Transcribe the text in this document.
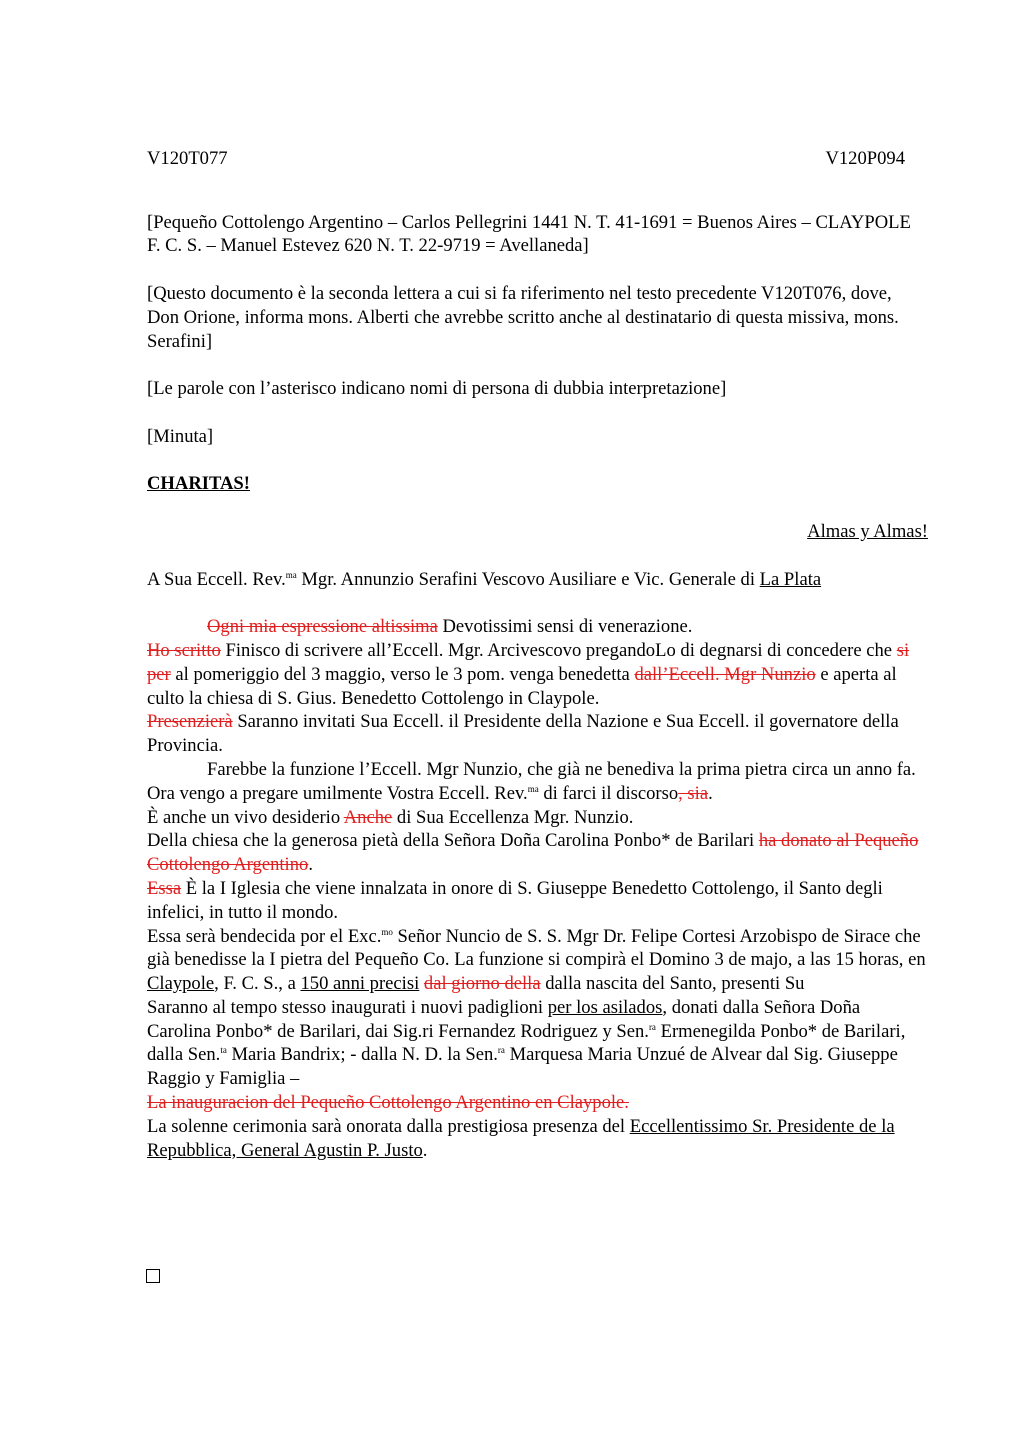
V120T077	V120P094

[Pequeño Cottolengo Argentino – Carlos Pellegrini 1441 N. T. 41-1691 = Buenos Aires – CLAYPOLE F. C. S. – Manuel Estevez 620 N. T. 22-9719 = Avellaneda]

[Questo documento è la seconda lettera a cui si fa riferimento nel testo precedente V120T076, dove, Don Orione, informa mons. Alberti che avrebbe scritto anche al destinatario di questa missiva, mons. Serafini]

[Le parole con l’asterisco indicano nomi di persona di dubbia interpretazione]

[Minuta]

CHARITAS!

Almas y Almas!

A Sua Eccell. Rev.$^{ma}$ Mgr. Annunzio Serafini Vescovo Ausiliare e Vic. Generale di La Plata

Ogni mia espressione altissima Devotissimi sensi di venerazione.

Ho scritto Finisco di scrivere all’Eccell. Mgr. Arcivescovo pregandoLo di degnarsi di concedere che si per al pomeriggio del 3 maggio, verso le 3 pom. venga benedetta dall’Eccell. Mgr Nunzio e aperta al culto la chiesa di S. Gius. Benedetto Cottolengo in Claypole.

Presenzierà Saranno invitati Sua Eccell. il Presidente della Nazione e Sua Eccell. il governatore della Provincia.

Farebbe la funzione l’Eccell. Mgr Nunzio, che già ne benediva la prima pietra circa un anno fa. Ora vengo a pregare umilmente Vostra Eccell. Rev.$^{ma}$ di farci il discorso, sia.

È anche un vivo desiderio Anche di Sua Eccellenza Mgr. Nunzio.

Della chiesa che la generosa pietà della Señora Doña Carolina Ponbo* de Barilari ha donato al Pequeño Cottolengo Argentino.

Essa È la I Iglesia che viene innalzata in onore di S. Giuseppe Benedetto Cottolengo, il Santo degli infelici, in tutto il mondo.

Essa serà bendecida por el Exc.$^{mo}$ Señor Nuncio de S. S. Mgr Dr. Felipe Cortesi Arzobispo de Sirace che già benedisse la I pietra del Pequeño Co. La funzione si compirà el Domino 3 de majo, a las 15 horas, en Claypole, F. C. S., a 150 anni precisi dal giorno della dalla nascita del Santo, presenti Su

Saranno al tempo stesso inaugurati i nuovi padiglioni per los asilados, donati dalla Señora Doña Carolina Ponbo* de Barilari, dai Sig.ri Fernandez Rodriguez y Sen.$^{ra}$ Ermenegilda Ponbo* de Barilari, dalla Sen.$^{ta}$ Maria Bandrix; - dalla N. D. la Sen.$^{ra}$ Marquesa Maria Unzué de Alvear dal Sig. Giuseppe Raggio y Famiglia –

La inauguracion del Pequeño Cottolengo Argentino en Claypole.

La solenne cerimonia sarà onorata dalla prestigiosa presenza del Eccellentissimo Sr. Presidente de la Repubblica, General Agustin P. Justo.
